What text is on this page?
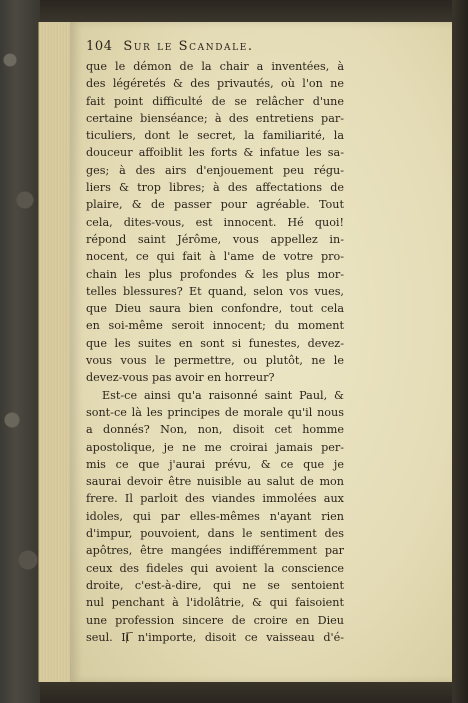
104 Sur le Scandale.
que le démon de la chair a inventées, à
des légéretés & des privautés, où l'on ne
fait point difficulté de se relâcher d'une
certaine bienséance; à des entretiens par-
ticuliers, dont le secret, la familiarité, la
douceur affoiblit les forts & infatue les sa-
ges; à des airs d'enjouement peu régu-
liers & trop libres; à des affectations de
plaire, & de passer pour agréable. Tout
cela, dites-vous, est innocent. Hé quoi!
répond saint Jérôme, vous appellez in-
nocent, ce qui fait à l'ame de votre pro-
chain les plus profondes & les plus mor-
telles blessures? Et quand, selon vos vues,
que Dieu saura bien confondre, tout cela
en soi-même seroit innocent; du moment
que les suites en sont si funestes, devez-
vous vous le permettre, ou plutôt, ne le
devez-vous pas avoir en horreur?
Est-ce ainsi qu'a raisonné saint Paul, &
sont-ce là les principes de morale qu'il nous
a donnés? Non, non, disoit cet homme
apostolique, je ne me croirai jamais per-
mis ce que j'aurai prévu, & ce que je
saurai devoir être nuisible au salut de mon
frere. Il parloit des viandes immolées aux
idoles, qui par elles-mêmes n'ayant rien
d'impur, pouvoient, dans le sentiment des
apôtres, être mangées indifféremment par
ceux des fideles qui avoient la conscience
droite, c'est-à-dire, qui ne se sentoient
nul penchant à l'idolâtrie, & qui faisoient
une profession sincere de croire en Dieu
seul. Il n'importe, disoit ce vaisseau d'é-
